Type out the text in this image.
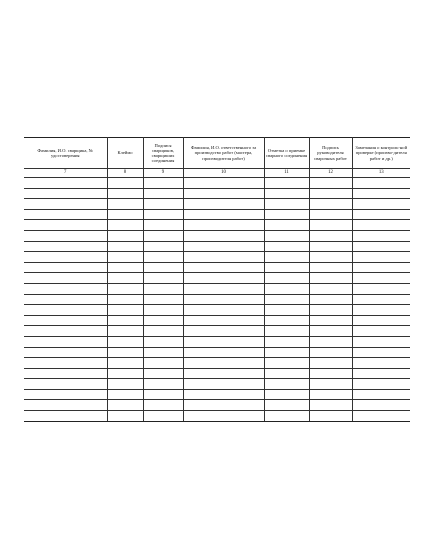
Фамилия, И.О. сварщика, № удостоверения	Клеймо	Подпися сварщиков, сварщиших соединения	Фамилия, И.О. ответственного за производство работ (мастера, производителя работ)	Отметка о приемке сварного соединения	Подпись руководителя сварочных работ	Замечания о контроль-ной проверке (произво-дителя работ и др.)
7	8	9	10	11	12	13
